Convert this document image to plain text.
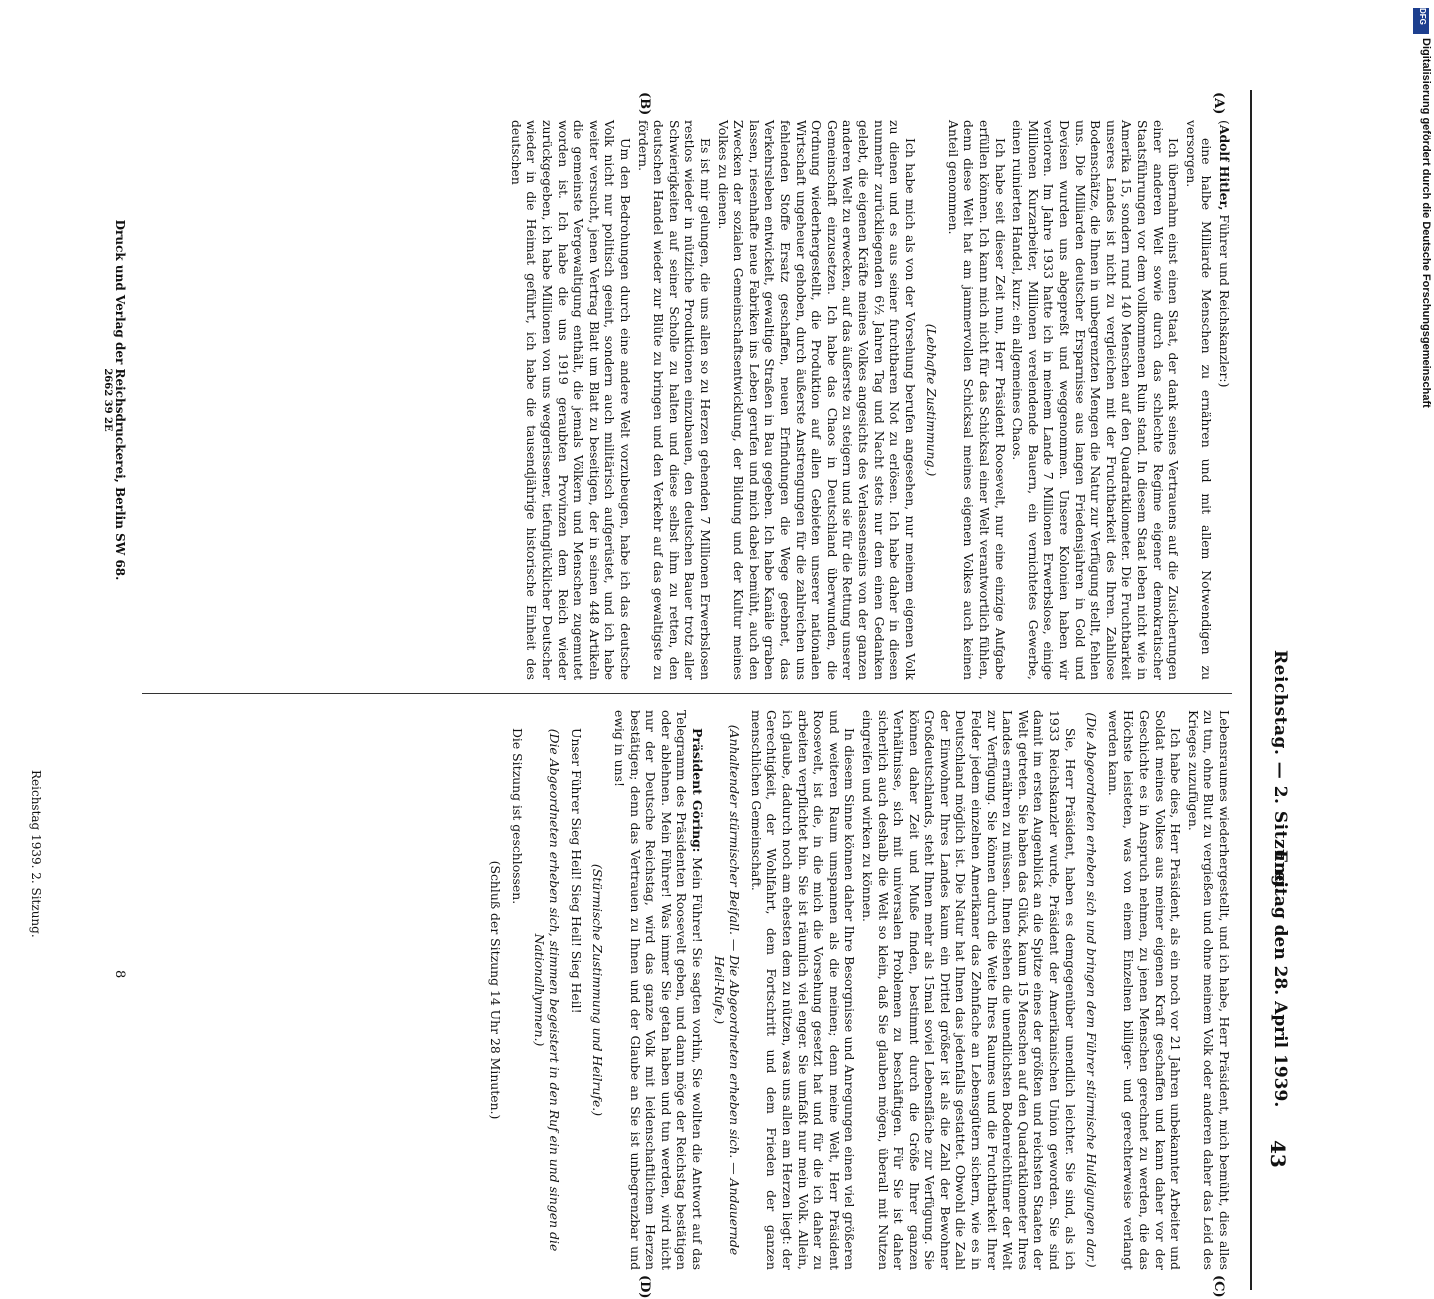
Reichstag. — 2. Sitzung.
Freitag den 28. April 1939.
43
(A)
(B)
(C)
(D)

(Adolf Hitler, Führer und Reichskanzler:)

eine halbe Milliarde Menschen zu ernähren und mit allem Notwendigen zu versorgen.

Ich übernahm einst einen Staat, der dank seines Vertrauens auf die Zusicherungen einer anderen Welt sowie durch das schlechte Regime eigener demokratischer Staatsführungen vor dem vollkommenen Ruin stand. In diesem Staat leben nicht wie in Amerika 15, sondern rund 140 Menschen auf den Quadratkilometer. Die Fruchtbarkeit unseres Landes ist nicht zu vergleichen mit der Fruchtbarkeit des Ihren. Zahllose Bodenschätze, die Ihnen in unbegrenzten Mengen die Natur zur Verfügung stellt, fehlen uns. Die Milliarden deutscher Ersparnisse aus langen Friedensjahren in Gold und Devisen wurden uns abgepreßt und weggenommen. Unsere Kolonien haben wir verloren. Im Jahre 1933 hatte ich in meinem Lande 7 Millionen Erwerbslose, einige Millionen Kurzarbeiter, Millionen verelendende Bauern, ein vernichtetes Gewerbe, einen ruinierten Handel, kurz: ein allgemeines Chaos.

Ich habe seit dieser Zeit nun, Herr Präsident Roosevelt, nur eine einzige Aufgabe erfüllen können. Ich kann mich nicht für das Schicksal einer Welt verantwortlich fühlen, denn diese Welt hat am jammervollen Schicksal meines eigenen Volkes auch keinen Anteil genommen.

(Lebhafte Zustimmung.)

Ich habe mich als von der Vorsehung berufen angesehen, nur meinem eigenen Volk zu dienen und es aus seiner furchtbaren Not zu erlösen. Ich habe daher in diesen nunmehr zurückliegenden 6½ Jahren Tag und Nacht stets nur dem einen Gedanken gelebt, die eigenen Kräfte meines Volkes angesichts des Verlassenseins von der ganzen anderen Welt zu erwecken, auf das äußerste zu steigern und sie für die Rettung unserer Gemeinschaft einzusetzen. Ich habe das Chaos in Deutschland überwunden, die Ordnung wiederhergestellt, die Produktion auf allen Gebieten unserer nationalen Wirtschaft ungeheuer gehoben, durch äußerste Anstrengungen für die zahlreichen uns fehlenden Stoffe Ersatz geschaffen, neuen Erfindungen die Wege geebnet, das Verkehrsleben entwickelt, gewaltige Straßen in Bau gegeben. Ich habe Kanäle graben lassen, riesenhafte neue Fabriken ins Leben gerufen und mich dabei bemüht, auch den Zwecken der sozialen Gemeinschaftsentwicklung, der Bildung und der Kultur meines Volkes zu dienen.

Es ist mir gelungen, die uns allen so zu Herzen gehenden 7 Millionen Erwerbslosen restlos wieder in nützliche Produktionen einzubauen, den deutschen Bauer trotz aller Schwierigkeiten auf seiner Scholle zu halten und diese selbst ihm zu retten, den deutschen Handel wieder zur Blüte zu bringen und den Verkehr auf das gewaltigste zu fördern.

Um den Bedrohungen durch eine andere Welt vorzubeugen, habe ich das deutsche Volk nicht nur politisch geeint, sondern auch militärisch aufgerüstet, und ich habe weiter versucht, jenen Vertrag Blatt um Blatt zu beseitigen, der in seinen 448 Artikeln die gemeinste Vergewaltigung enthält, die jemals Völkern und Menschen zugemutet worden ist. Ich habe die uns 1919 geraubten Provinzen dem Reich wieder zurückgegeben, ich habe Millionen von uns weggerissener, tiefunglücklicher Deutscher wieder in die Heimat geführt, ich habe die tausendjährige historische Einheit des deutschen

Lebensraumes wiederhergestellt, und ich habe, Herr Präsident, mich bemüht, dies alles zu tun, ohne Blut zu vergießen und ohne meinem Volk oder anderen daher das Leid des Krieges zuzufügen.

Ich habe dies, Herr Präsident, als ein noch vor 21 Jahren unbekannter Arbeiter und Soldat meines Volkes aus meiner eigenen Kraft geschaffen und kann daher vor der Geschichte es in Anspruch nehmen, zu jenen Menschen gerechnet zu werden, die das Höchste leisteten, was von einem Einzelnen billiger- und gerechterweise verlangt werden kann.

(Die Abgeordneten erheben sich und bringen dem Führer stürmische Huldigungen dar.)

Sie, Herr Präsident, haben es demgegenüber unendlich leichter. Sie sind, als ich 1933 Reichskanzler wurde, Präsident der Amerikanischen Union geworden. Sie sind damit im ersten Augenblick an die Spitze eines der größten und reichsten Staaten der Welt getreten. Sie haben das Glück, kaum 15 Menschen auf den Quadratkilometer Ihres Landes ernähren zu müssen. Ihnen stehen die unendlichsten Bodenreichtümer der Welt zur Verfügung. Sie können durch die Weite Ihres Raumes und die Fruchtbarkeit Ihrer Felder jedem einzelnen Amerikaner das Zehnfache an Lebensgütern sichern, wie es in Deutschland möglich ist. Die Natur hat Ihnen das jedenfalls gestattet. Obwohl die Zahl der Einwohner Ihres Landes kaum ein Drittel größer ist als die Zahl der Bewohner Großdeutschlands, steht Ihnen mehr als 15mal soviel Lebensfläche zur Verfügung. Sie können daher Zeit und Muße finden, bestimmt durch die Größe Ihrer ganzen Verhältnisse, sich mit universalen Problemen zu beschäftigen. Für Sie ist daher sicherlich auch deshalb die Welt so klein, daß Sie glauben mögen, überall mit Nutzen eingreifen und wirken zu können.

In diesem Sinne können daher Ihre Besorgnisse und Anregungen einen viel größeren und weiteren Raum umspannen als die meinen; denn meine Welt, Herr Präsident Roosevelt, ist die, in die mich die Vorsehung gesetzt hat und für die ich daher zu arbeiten verpflichtet bin. Sie ist räumlich viel enger. Sie umfaßt nur mein Volk. Allein, ich glaube, dadurch noch am ehesten dem zu nützen, was uns allen am Herzen liegt: der Gerechtigkeit, der Wohlfahrt, dem Fortschritt und dem Frieden der ganzen menschlichen Gemeinschaft.

(Anhaltender stürmischer Beifall. — Die Abgeordneten erheben sich. — Andauernde Heil-Rufe.)

Präsident Göring: Mein Führer! Sie sagten vorhin, Sie wollten die Antwort auf das Telegramm des Präsidenten Roosevelt geben, und dann möge der Reichstag bestätigen oder ablehnen. Mein Führer! Was immer Sie getan haben und tun werden, wird nicht nur der Deutsche Reichstag, wird das ganze Volk mit leidenschaftlichem Herzen bestätigen; denn das Vertrauen zu Ihnen und der Glaube an Sie ist unbegrenzbar und ewig in uns!

(Stürmische Zustimmung und Heilrufe.)

Unser Führer Sieg Heil! Sieg Heil! Sieg Heil!

(Die Abgeordneten erheben sich, stimmen begeistert in den Ruf ein und singen die Nationalhymnen.)

Die Sitzung ist geschlossen.

(Schluß der Sitzung 14 Uhr 28 Minuten.)

Druck und Verlag der Reichsdruckerei, Berlin SW 68.
2662 39 2E
8
Reichstag 1939. 2. Sitzung.
DFG
Digitalisierung gefördert durch die Deutsche Forschungsgemeinschaft
